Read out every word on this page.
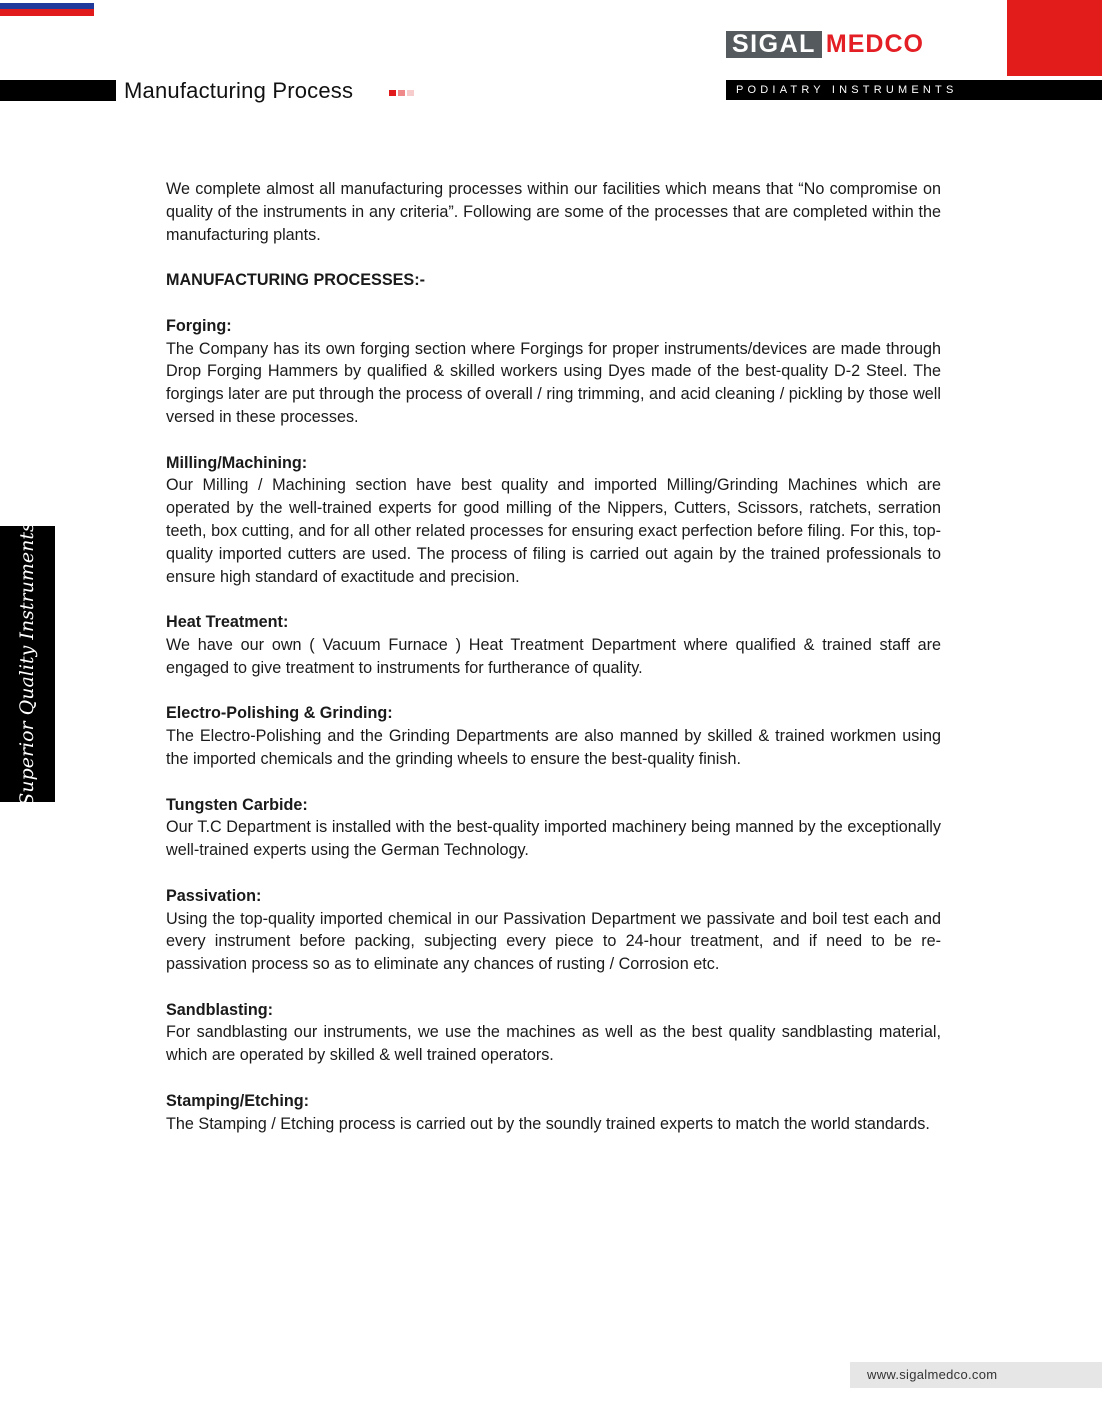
Manufacturing Process
SIGAL MEDCO
PODIATRY INSTRUMENTS
Superior Quality Instruments

We complete almost all manufacturing processes within our facilities which means that “No compromise on quality of the instruments in any criteria”. Following are some of the processes that are completed within the manufacturing plants.

MANUFACTURING PROCESSES:-

Forging:

The Company has its own forging section where Forgings for proper instruments/devices are made through Drop Forging Hammers by qualified & skilled workers using Dyes made of the best-quality D-2 Steel. The forgings later are put through the process of overall / ring trimming, and acid cleaning / pickling by those well versed in these processes.

Milling/Machining:

Our Milling / Machining section have best quality and imported Milling/Grinding Machines which are operated by the well-trained experts for good milling of the Nippers, Cutters, Scissors, ratchets, serration teeth, box cutting, and for all other related processes for ensuring exact perfection before filing. For this, top-quality imported cutters are used. The process of filing is carried out again by the trained professionals to ensure high standard of exactitude and precision.

Heat Treatment:

We have our own ( Vacuum Furnace ) Heat Treatment Department where qualified & trained staff are engaged to give treatment to instruments for furtherance of quality.

Electro-Polishing & Grinding:

The Electro-Polishing and the Grinding Departments are also manned by skilled & trained workmen using the imported chemicals and the grinding wheels to ensure the best-quality finish.

Tungsten Carbide:

Our T.C Department is installed with the best-quality imported machinery being manned by the exceptionally well-trained experts using the German Technology.

Passivation:

Using the top-quality imported chemical in our Passivation Department we passivate and boil test each and every instrument before packing, subjecting every piece to 24-hour treatment, and if need to be re-passivation process so as to eliminate any chances of rusting / Corrosion etc.

Sandblasting:

For sandblasting our instruments, we use the machines as well as the best quality sandblasting material, which are operated by skilled & well trained operators.

Stamping/Etching:

The Stamping / Etching process is carried out by the soundly trained experts to match the world standards.

www.sigalmedco.com
